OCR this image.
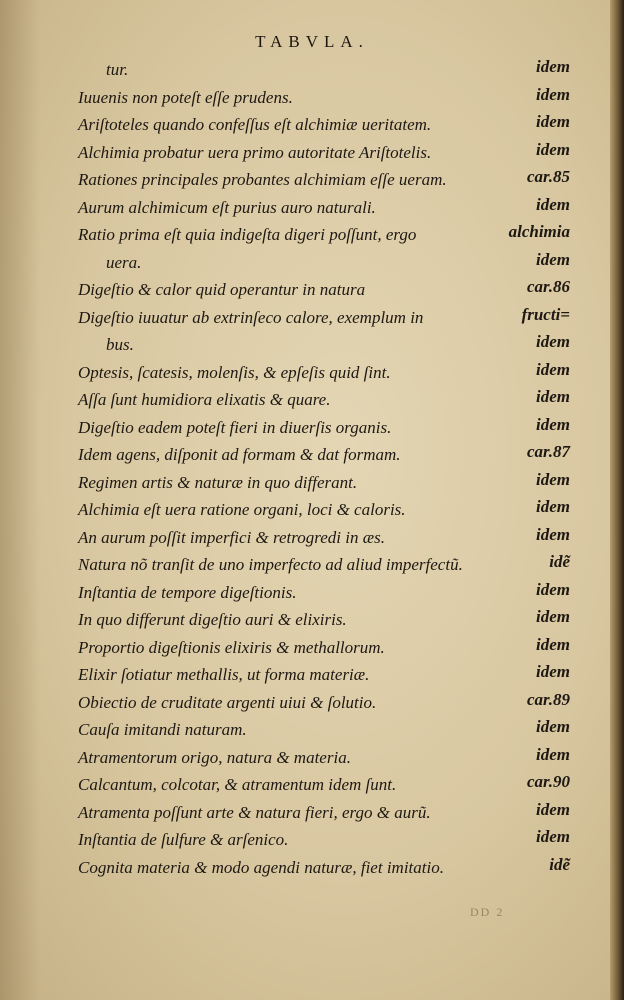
TABVLA.
tur.	idem
Iuuenis non poteſt eſſe prudens.	idem
Ariſtoteles quando confeſſus eſt alchimiæ ueritatem.	idem
Alchimia probatur uera primo autoritate Ariſtotelis.	idem
Rationes principales probantes alchimiam eſſe ueram.	car.85
Aurum alchimicum eſt purius auro naturali.	idem
Ratio prima eſt quia indigeſta digeri poſſunt, ergo	alchimia
uera.	idem
Digeſtio & calor quid operantur in natura	car.86
Digeſtio iuuatur ab extrinſeco calore, exemplum in	fructi=
bus.	idem
Optesis, ſcatesis, molenſis, & epſeſis quid ſint.	idem
Aſſa ſunt humidiora elixatis & quare.	idem
Digeſtio eadem poteſt fieri in diuerſis organis.	idem
Idem agens, diſponit ad formam & dat formam.	car.87
Regimen artis & naturæ in quo differant.	idem
Alchimia eſt uera ratione organi, loci & caloris.	idem
An aurum poſſit imperfici & retrogredi in æs.	idem
Natura nõ tranſit de uno imperfecto ad aliud imperfectũ.	idẽ
Inſtantia de tempore digeſtionis.	idem
In quo differunt digeſtio auri & elixiris.	idem
Proportio digeſtionis elixiris & methallorum.	idem
Elixir ſotiatur methallis, ut forma materiæ.	idem
Obiectio de cruditate argenti uiui & ſolutio.	car.89
Cauſa imitandi naturam.	idem
Atramentorum origo, natura & materia.	idem
Calcantum, colcotar, & atramentum idem ſunt.	car.90
Atramenta poſſunt arte & natura fieri, ergo & aurũ.	idem
Inſtantia de ſulfure & arſenico.	idem
Cognita materia & modo agendi naturæ, fiet imitatio.	idẽ
DD 2
